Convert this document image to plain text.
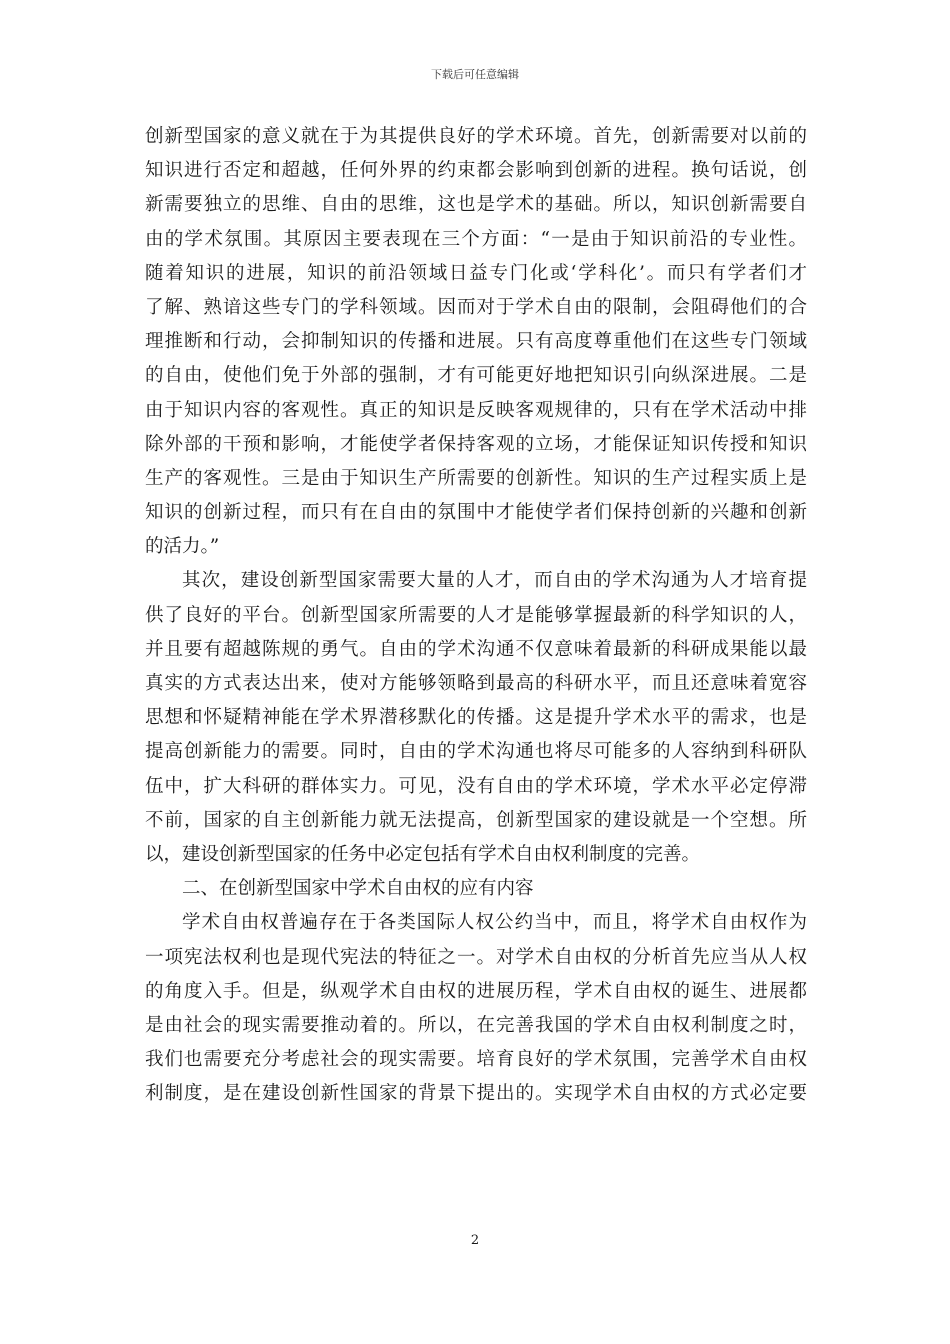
下载后可任意编辑
创新型国家的意义就在于为其提供良好的学术环境。首先，创新需要对以前的
知识进行否定和超越，任何外界的约束都会影响到创新的进程。换句话说，创
新需要独立的思维、自由的思维，这也是学术的基础。所以，知识创新需要自
由的学术氛围。其原因主要表现在三个方面：“一是由于知识前沿的专业性。
随着知识的进展，知识的前沿领域日益专门化或‘学科化’。而只有学者们才
了解、熟谙这些专门的学科领域。因而对于学术自由的限制，会阻碍他们的合
理推断和行动，会抑制知识的传播和进展。只有高度尊重他们在这些专门领域
的自由，使他们免于外部的强制，才有可能更好地把知识引向纵深进展。二是
由于知识内容的客观性。真正的知识是反映客观规律的，只有在学术活动中排
除外部的干预和影响，才能使学者保持客观的立场，才能保证知识传授和知识
生产的客观性。三是由于知识生产所需要的创新性。知识的生产过程实质上是
知识的创新过程，而只有在自由的氛围中才能使学者们保持创新的兴趣和创新
的活力。”
其次，建设创新型国家需要大量的人才，而自由的学术沟通为人才培育提
供了良好的平台。创新型国家所需要的人才是能够掌握最新的科学知识的人，
并且要有超越陈规的勇气。自由的学术沟通不仅意味着最新的科研成果能以最
真实的方式表达出来，使对方能够领略到最高的科研水平，而且还意味着宽容
思想和怀疑精神能在学术界潜移默化的传播。这是提升学术水平的需求，也是
提高创新能力的需要。同时，自由的学术沟通也将尽可能多的人容纳到科研队
伍中，扩大科研的群体实力。可见，没有自由的学术环境，学术水平必定停滞
不前，国家的自主创新能力就无法提高，创新型国家的建设就是一个空想。所
以，建设创新型国家的任务中必定包括有学术自由权利制度的完善。
二、在创新型国家中学术自由权的应有内容
学术自由权普遍存在于各类国际人权公约当中，而且，将学术自由权作为
一项宪法权利也是现代宪法的特征之一。对学术自由权的分析首先应当从人权
的角度入手。但是，纵观学术自由权的进展历程，学术自由权的诞生、进展都
是由社会的现实需要推动着的。所以，在完善我国的学术自由权利制度之时，
我们也需要充分考虑社会的现实需要。培育良好的学术氛围，完善学术自由权
利制度，是在建设创新性国家的背景下提出的。实现学术自由权的方式必定要
2
